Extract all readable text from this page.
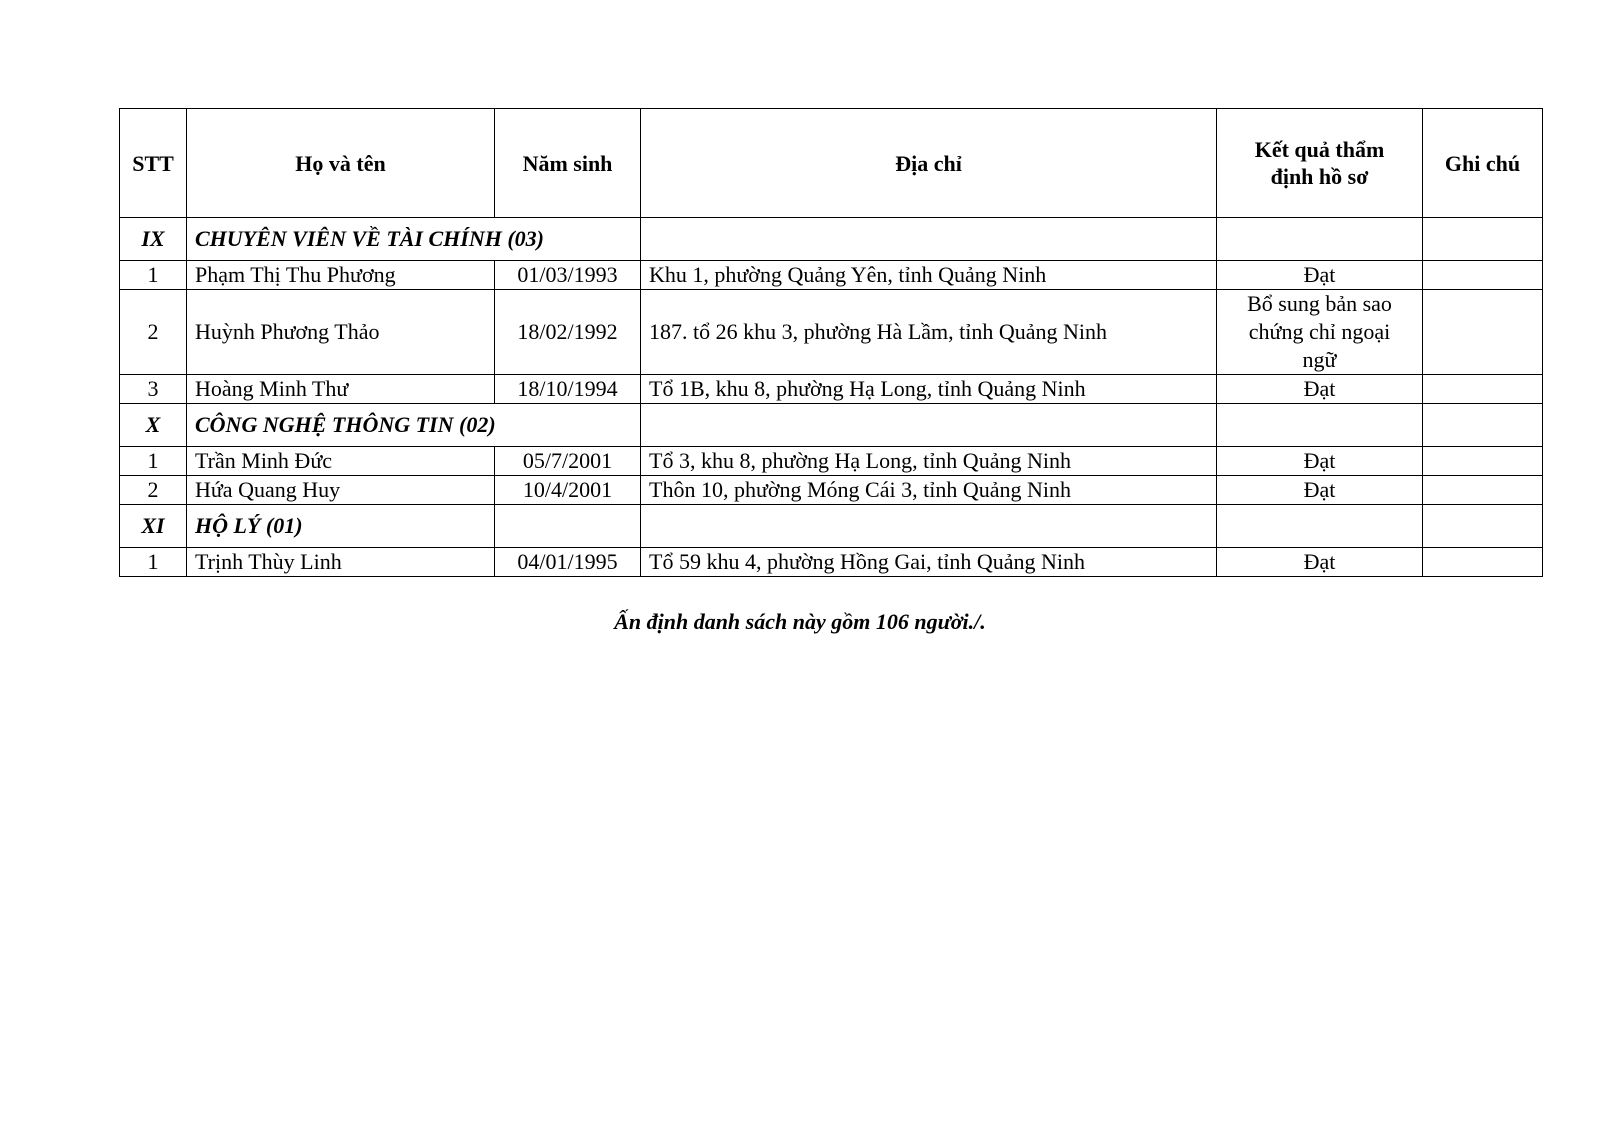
STT	Họ và tên	Năm sinh	Địa chỉ	Kết quả thẩm định hồ sơ	Ghi chú
IX	CHUYÊN VIÊN VỀ TÀI CHÍNH (03)				
1	Phạm Thị Thu Phương	01/03/1993	Khu 1, phường Quảng Yên, tỉnh Quảng Ninh	Đạt	
2	Huỳnh Phương Thảo	18/02/1992	187. tổ 26 khu 3, phường Hà Lầm, tỉnh Quảng Ninh	Bổ sung bản sao chứng chỉ ngoại ngữ	
3	Hoàng Minh Thư	18/10/1994	Tổ 1B, khu 8, phường Hạ Long, tỉnh Quảng Ninh	Đạt	
X	CÔNG NGHỆ THÔNG TIN (02)				
1	Trần Minh Đức	05/7/2001	Tổ 3, khu 8, phường Hạ Long, tỉnh Quảng Ninh	Đạt	
2	Hứa Quang Huy	10/4/2001	Thôn 10, phường Móng Cái 3, tỉnh Quảng Ninh	Đạt	
XI	HỘ LÝ (01)				
1	Trịnh Thùy Linh	04/01/1995	Tổ 59 khu 4, phường Hồng Gai, tỉnh Quảng Ninh	Đạt	
Ấn định danh sách này gồm 106 người./.
